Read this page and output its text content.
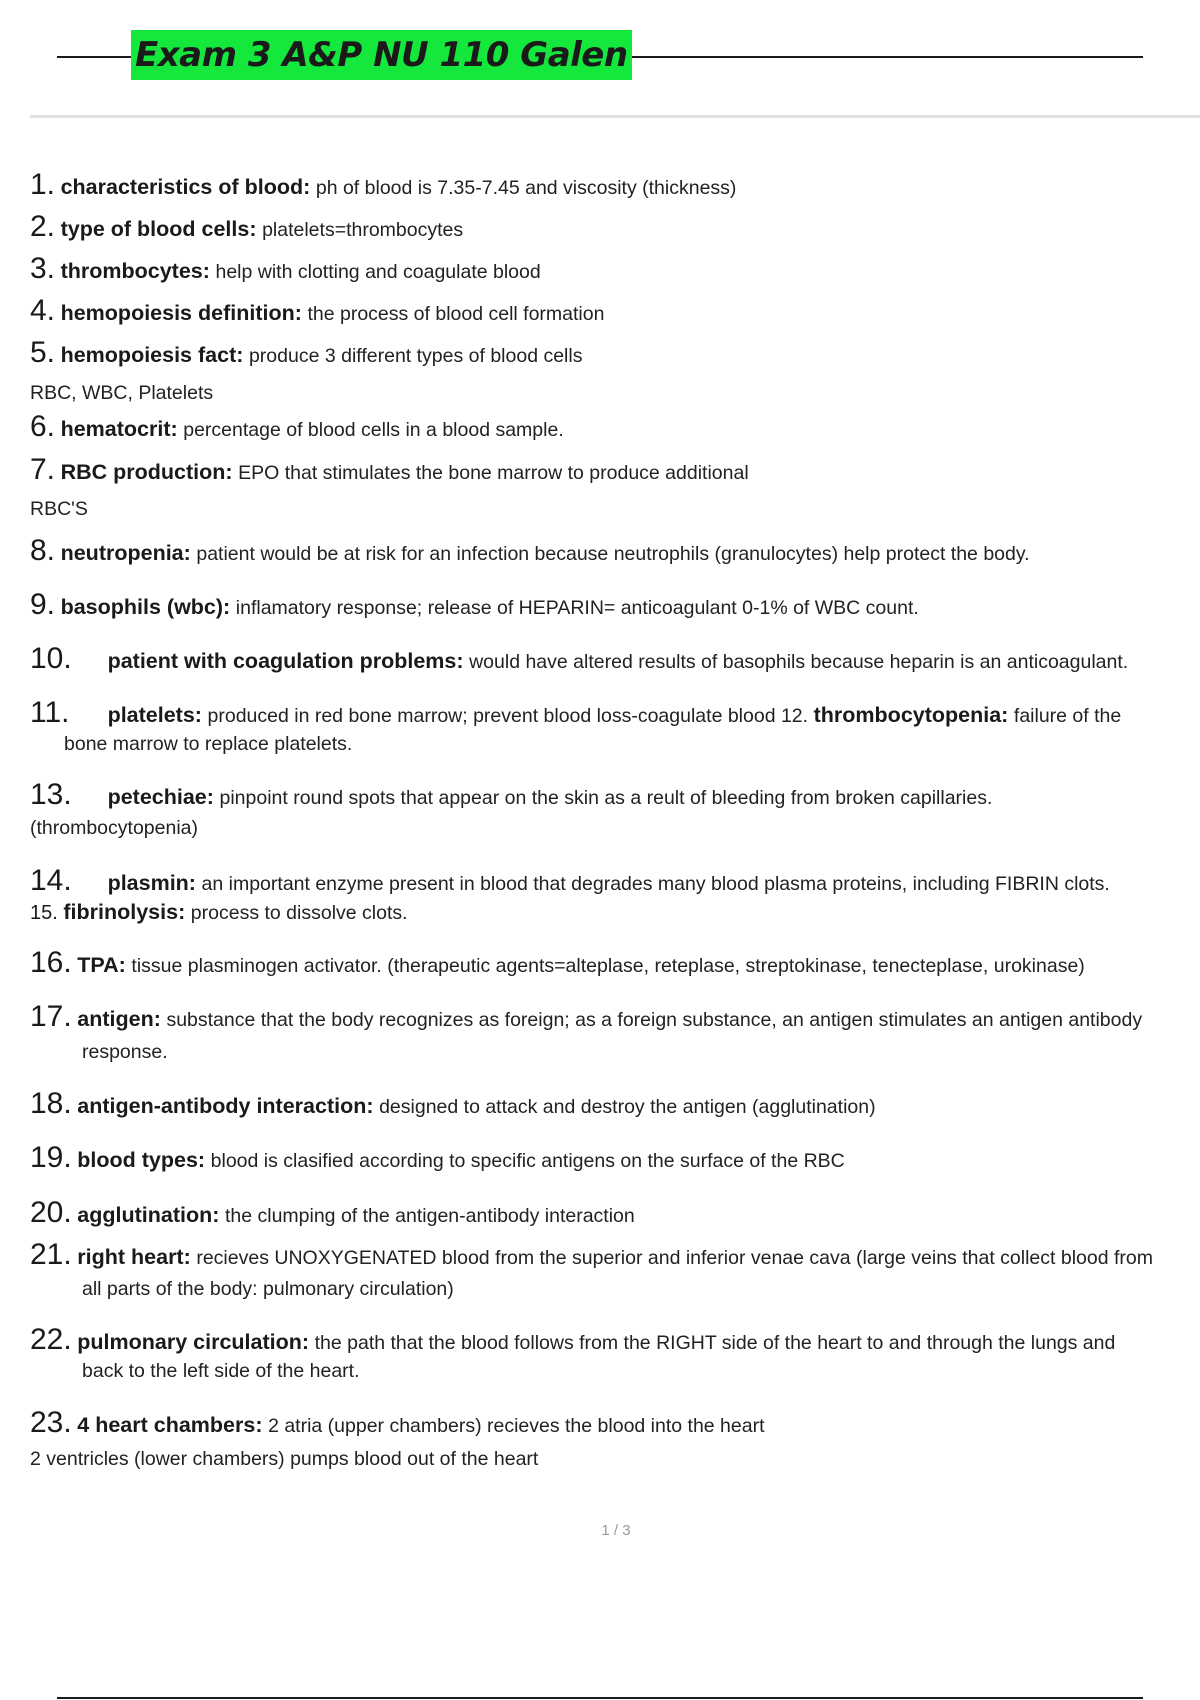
Exam 3 A&P NU 110 Galen
1. characteristics of blood: ph of blood is 7.35-7.45 and viscosity (thickness)
2. type of blood cells: platelets=thrombocytes
3. thrombocytes: help with clotting and coagulate blood
4. hemopoiesis definition: the process of blood cell formation
5. hemopoiesis fact: produce 3 different types of blood cells
RBC, WBC, Platelets
6. hematocrit: percentage of blood cells in a blood sample.
7. RBC production: EPO that stimulates the bone marrow to produce additional
RBC'S
8. neutropenia: patient would be at risk for an infection because neutrophils (granulocytes) help protect the body.
9. basophils (wbc): inflamatory response; release of HEPARIN= anticoagulant 0-1% of WBC count.
10. patient with coagulation problems: would have altered results of basophils because heparin is an anticoagulant.
11. platelets: produced in red bone marrow; prevent blood loss-coagulate blood 12. thrombocytopenia: failure of the
bone marrow to replace platelets.
13. petechiae: pinpoint round spots that appear on the skin as a reult of bleeding from broken capillaries.
(thrombocytopenia)
14. plasmin: an important enzyme present in blood that degrades many blood plasma proteins, including FIBRIN clots.
15. fibrinolysis: process to dissolve clots.
16. TPA: tissue plasminogen activator. (therapeutic agents=alteplase, reteplase, streptokinase, tenecteplase, urokinase)
17. antigen: substance that the body recognizes as foreign; as a foreign substance, an antigen stimulates an antigen antibody
response.
18. antigen-antibody interaction: designed to attack and destroy the antigen (agglutination)
19. blood types: blood is clasified according to specific antigens on the surface of the RBC
20. agglutination: the clumping of the antigen-antibody interaction
21. right heart: recieves UNOXYGENATED blood from the superior and inferior venae cava (large veins that collect blood from
all parts of the body: pulmonary circulation)
22. pulmonary circulation: the path that the blood follows from the RIGHT side of the heart to and through the lungs and
back to the left side of the heart.
23. 4 heart chambers: 2 atria (upper chambers) recieves the blood into the heart
2 ventricles (lower chambers) pumps blood out of the heart
1 / 3
